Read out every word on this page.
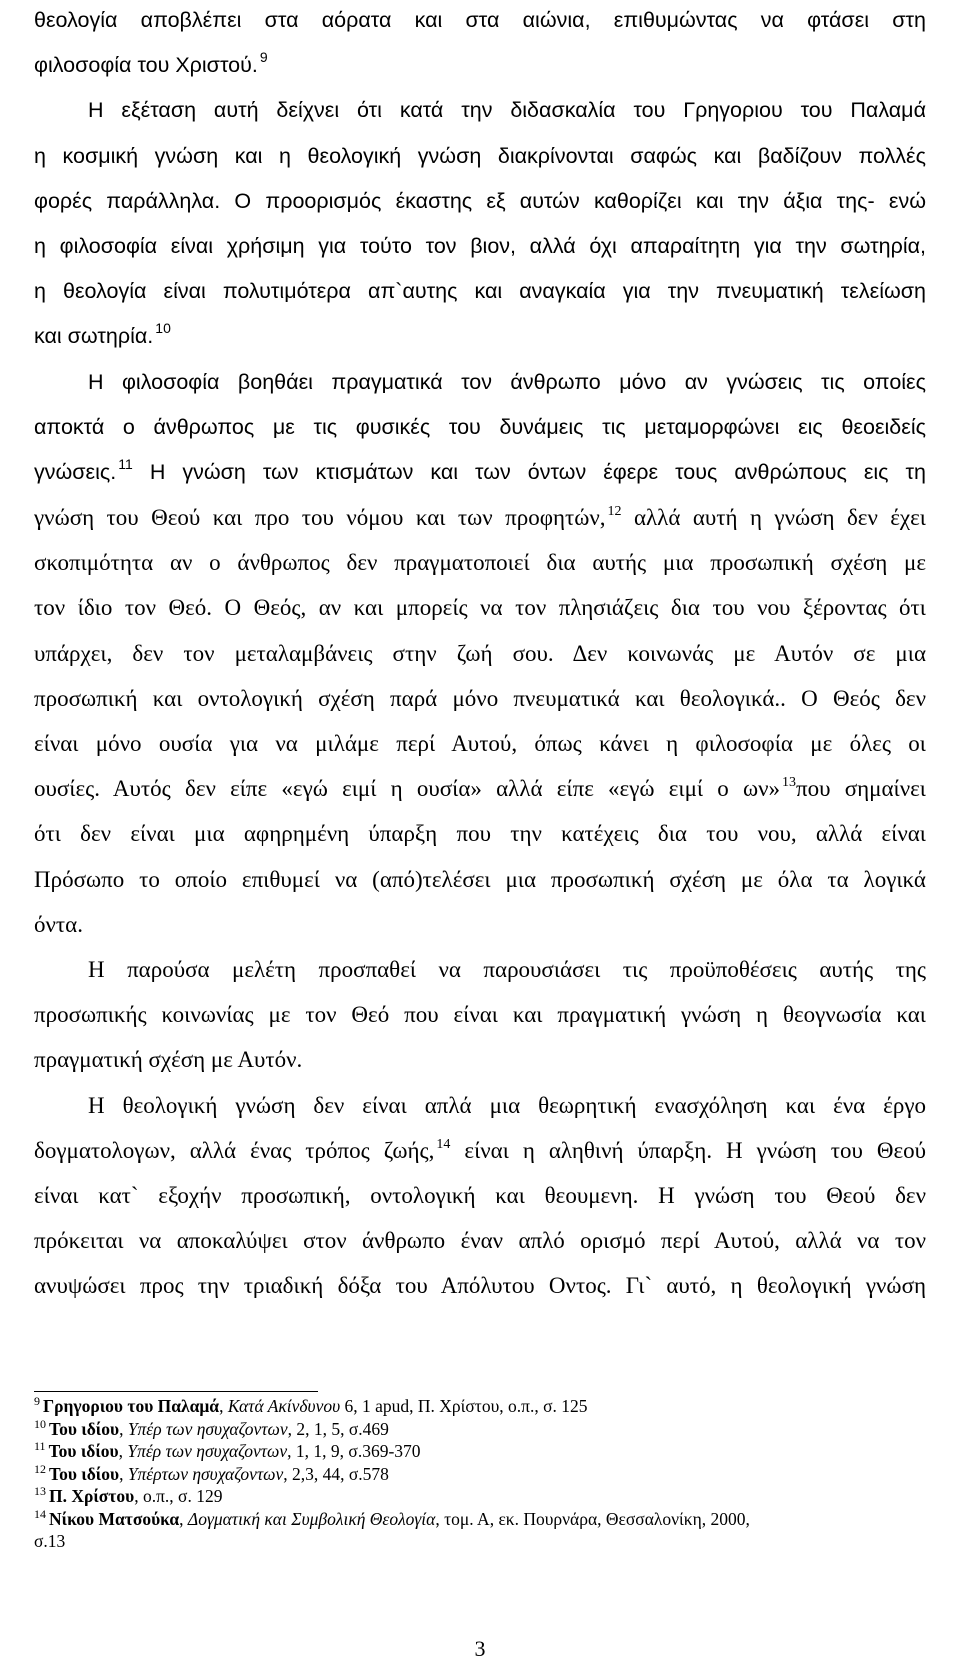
θεολογία αποβλέπει στα αόρατα και στα αιώνια, επιθυμώντας να φτάσει στη
φιλοσοφία του Χριστού. $^9$
Η εξέταση αυτή δείχνει ότι κατά την διδασκαλία του Γρηγοριου του Παλαμά
η κοσμική γνώση και η θεολογική γνώση διακρίνονται σαφώς και βαδίζουν πολλές
φορές παράλληλα. Ο προορισμός έκαστης εξ αυτών καθορίζει και την άξια της- ενώ
η φιλοσοφία είναι χρήσιμη για τούτο τον βιον, αλλά όχι απαραίτητη για την σωτηρία,
η θεολογία είναι πολυτιμότερα απ`αυτης και αναγκαία για την πνευματική τελείωση
και σωτηρία. $^{10}$
Η φιλοσοφία βοηθάει πραγματικά τον άνθρωπο μόνο αν γνώσεις τις οποίες
αποκτά ο άνθρωπος με τις φυσικές του δυνάμεις τις μεταμορφώνει εις θεοειδείς
γνώσεις. $^{11}$ Η γνώση των κτισμάτων και των όντων έφερε τους ανθρώπους εις τη
γνώση του Θεού και προ του νόμου και των προφητών, $^{12}$ αλλά αυτή η γνώση δεν έχει
σκοπιμότητα αν ο άνθρωπος δεν πραγματοποιεί δια αυτής μια προσωπική σχέση με
τον ίδιο τον Θεό. Ο Θεός, αν και μπορείς να τον πλησιάζεις δια του νου ξέροντας ότι
υπάρχει, δεν τον μεταλαμβάνεις στην ζωή σου. Δεν κοινωνάς με Αυτόν σε μια
προσωπική και οντολογική σχέση παρά μόνο πνευματικά και θεολογικά.. Ο Θεός δεν
είναι μόνο ουσία για να μιλάμε περί Αυτού, όπως κάνει η φιλοσοφία με όλες οι
ουσίες. Αυτός δεν είπε «εγώ ειμί η ουσία» αλλά είπε «εγώ ειμί ο ων» $^{13}$που σημαίνει
ότι δεν είναι μια αφηρημένη ύπαρξη που την κατέχεις δια του νου, αλλά είναι
Πρόσωπο το οποίο επιθυμεί να (από)τελέσει μια προσωπική σχέση με όλα τα λογικά
όντα.
Η παρούσα μελέτη προσπαθεί να παρουσιάσει τις προϋποθέσεις αυτής της
προσωπικής κοινωνίας με τον Θεό που είναι και πραγματική γνώση η θεογνωσία και
πραγματική σχέση με Αυτόν.
Η θεολογική γνώση δεν είναι απλά μια θεωρητική ενασχόληση και ένα έργο
δογματολογων, αλλά ένας τρόπος ζωής, $^{14}$ είναι η αληθινή ύπαρξη. Η γνώση του Θεού
είναι κατ` εξοχήν προσωπική, οντολογική και θεουμενη. Η γνώση του Θεού δεν
πρόκειται να αποκαλύψει στον άνθρωπο έναν απλό ορισμό περί Αυτού, αλλά να τον
ανυψώσει προς την τριαδική δόξα του Απόλυτου Οντος. Γι` αυτό, η θεολογική γνώση
$^9$ Γρηγοριου του Παλαμά, Κατά Ακίνδυνου 6, 1 apud, Π. Χρίστου, ο.π., σ. 125
$^{10}$ Του ιδίου, Υπέρ των ησυχαζοντων, 2, 1, 5, σ.469
$^{11}$ Του ιδίου, Υπέρ των ησυχαζοντων, 1, 1, 9, σ.369-370
$^{12}$ Του ιδίου, Υπέρτων ησυχαζοντων, 2,3, 44, σ.578
$^{13}$ Π. Χρίστου, ο.π., σ. 129
$^{14}$ Νίκου Ματσούκα, Δογματική και Συμβολική Θεολογία, τομ. Α, εκ. Πουρνάρα, Θεσσαλονίκη, 2000,
σ.13
3
